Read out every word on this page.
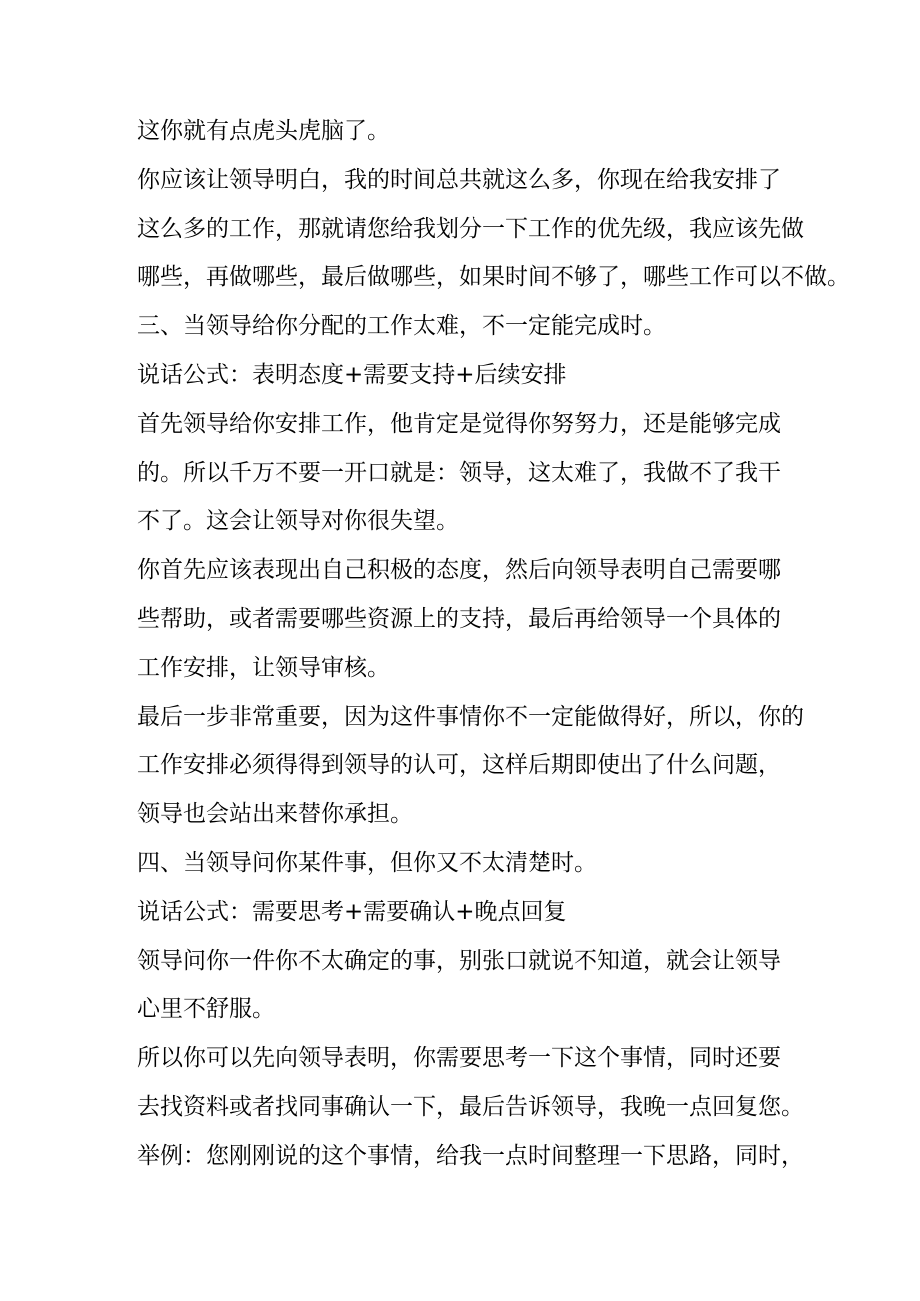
这你就有点虎头虎脑了。
你应该让领导明白，我的时间总共就这么多，你现在给我安排了
这么多的工作，那就请您给我划分一下工作的优先级，我应该先做
哪些，再做哪些，最后做哪些，如果时间不够了，哪些工作可以不做。
三、当领导给你分配的工作太难，不一定能完成时。
说话公式：表明态度+需要支持+后续安排
首先领导给你安排工作，他肯定是觉得你努努力，还是能够完成
的。所以千万不要一开口就是：领导，这太难了，我做不了我干
不了。这会让领导对你很失望。
你首先应该表现出自己积极的态度，然后向领导表明自己需要哪
些帮助，或者需要哪些资源上的支持，最后再给领导一个具体的
工作安排，让领导审核。
最后一步非常重要，因为这件事情你不一定能做得好，所以，你的
工作安排必须得得到领导的认可，这样后期即使出了什么问题，
领导也会站出来替你承担。
四、当领导问你某件事，但你又不太清楚时。
说话公式：需要思考+需要确认+晚点回复
领导问你一件你不太确定的事，别张口就说不知道，就会让领导
心里不舒服。
所以你可以先向领导表明，你需要思考一下这个事情，同时还要
去找资料或者找同事确认一下，最后告诉领导，我晚一点回复您。
举例：您刚刚说的这个事情，给我一点时间整理一下思路，同时，
